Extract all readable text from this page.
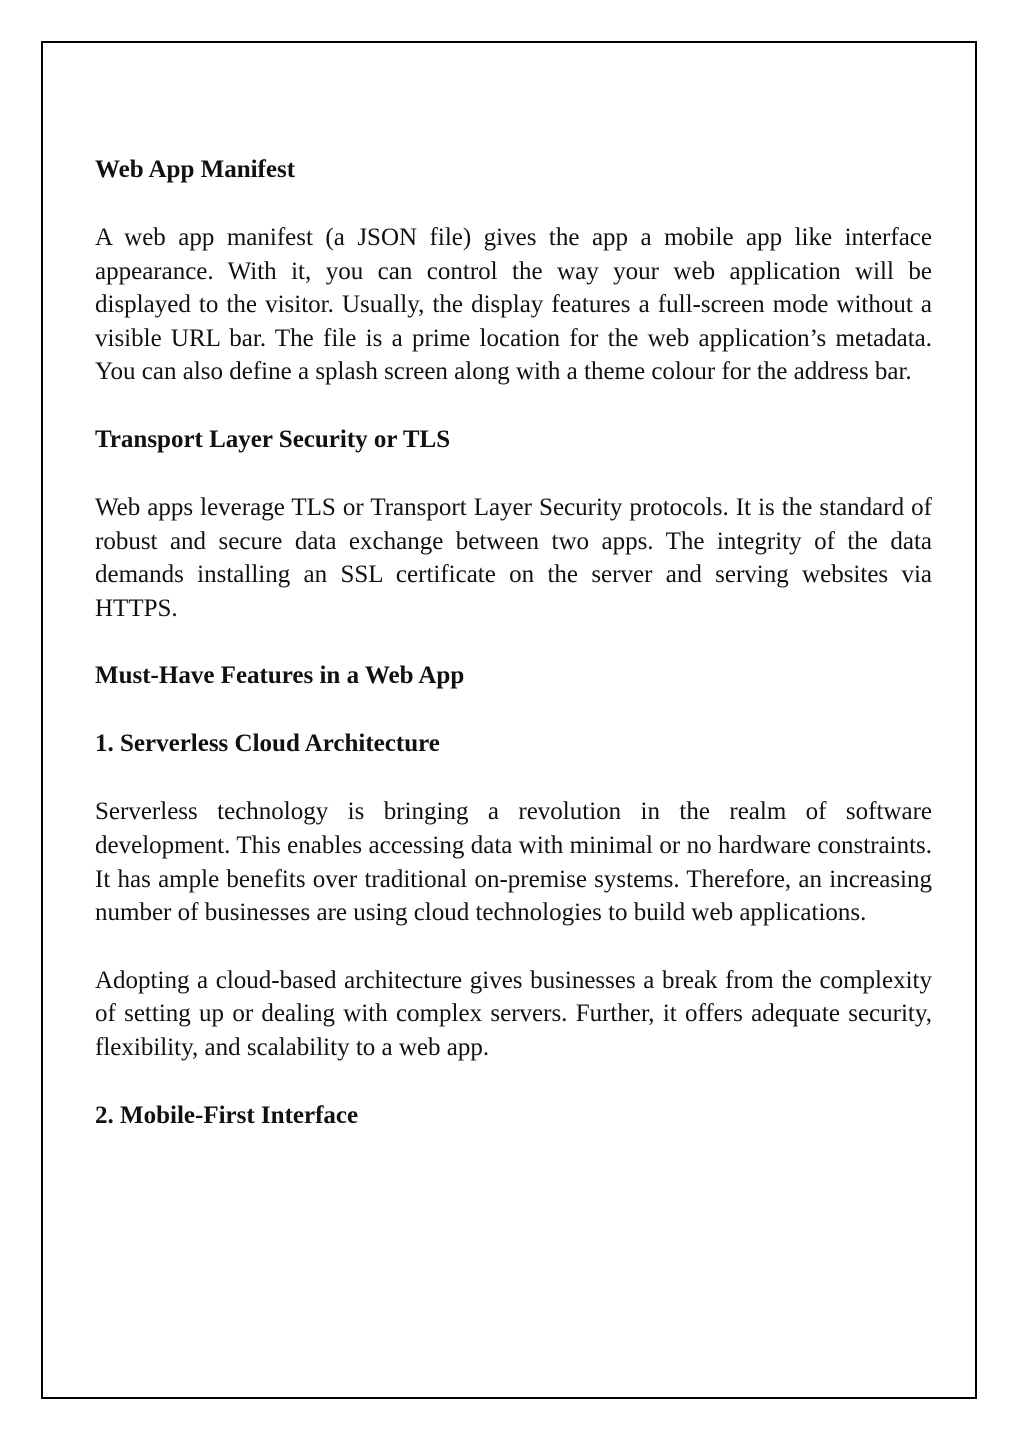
Web App Manifest

A web app manifest (a JSON file) gives the app a mobile app like interface appearance. With it, you can control the way your web application will be displayed to the visitor. Usually, the display features a full-screen mode without a visible URL bar. The file is a prime location for the web application’s metadata. You can also define a splash screen along with a theme colour for the address bar.

Transport Layer Security or TLS

Web apps leverage TLS or Transport Layer Security protocols. It is the standard of robust and secure data exchange between two apps. The integrity of the data demands installing an SSL certificate on the server and serving websites via HTTPS.

Must-Have Features in a Web App
1. Serverless Cloud Architecture

Serverless technology is bringing a revolution in the realm of software development. This enables accessing data with minimal or no hardware constraints. It has ample benefits over traditional on-premise systems. Therefore, an increasing number of businesses are using cloud technologies to build web applications.

Adopting a cloud-based architecture gives businesses a break from the complexity of setting up or dealing with complex servers. Further, it offers adequate security, flexibility, and scalability to a web app.

2. Mobile-First Interface
